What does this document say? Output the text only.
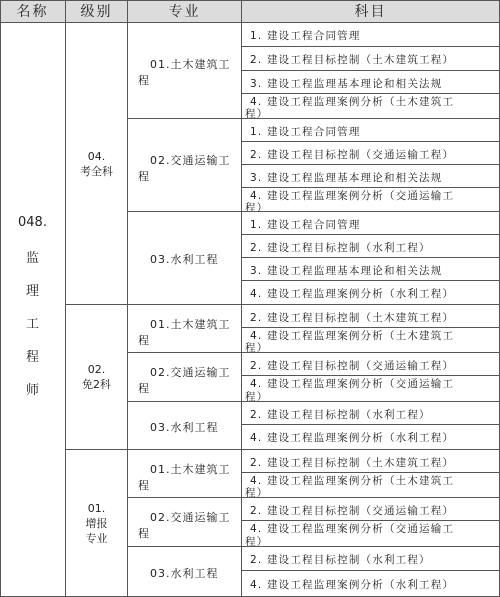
名称 级别	专业	科目
048.
监
理
工
程
师
04.
考全科
02.
免2科
01.
增报
专业
01.土木建筑工
程
02.交通运输工
程
03.水利工程
01.土木建筑工
程
02.交通运输工
程
03.水利工程
01.土木建筑工
程
02.交通运输工
程
03.水利工程
1. 建设工程合同管理
2. 建设工程目标控制（土木建筑工程）
3. 建设工程监理基本理论和相关法规
4. 建设工程监理案例分析（土木建筑工
程）
1. 建设工程合同管理
2. 建设工程目标控制（交通运输工程）
3. 建设工程监理基本理论和相关法规
4. 建设工程监理案例分析（交通运输工
程）
1. 建设工程合同管理
2. 建设工程目标控制（水利工程）
3. 建设工程监理基本理论和相关法规
4. 建设工程监理案例分析（水利工程）
2. 建设工程目标控制（土木建筑工程）
4. 建设工程监理案例分析（土木建筑工
程）
2. 建设工程目标控制（交通运输工程）
4. 建设工程监理案例分析（交通运输工
程）
2. 建设工程目标控制（水利工程）
4. 建设工程监理案例分析（水利工程）
2. 建设工程目标控制（土木建筑工程）
4. 建设工程监理案例分析（土木建筑工
程）
2. 建设工程目标控制（交通运输工程）
4. 建设工程监理案例分析（交通运输工
程）
2. 建设工程目标控制（水利工程）
4. 建设工程监理案例分析（水利工程）
